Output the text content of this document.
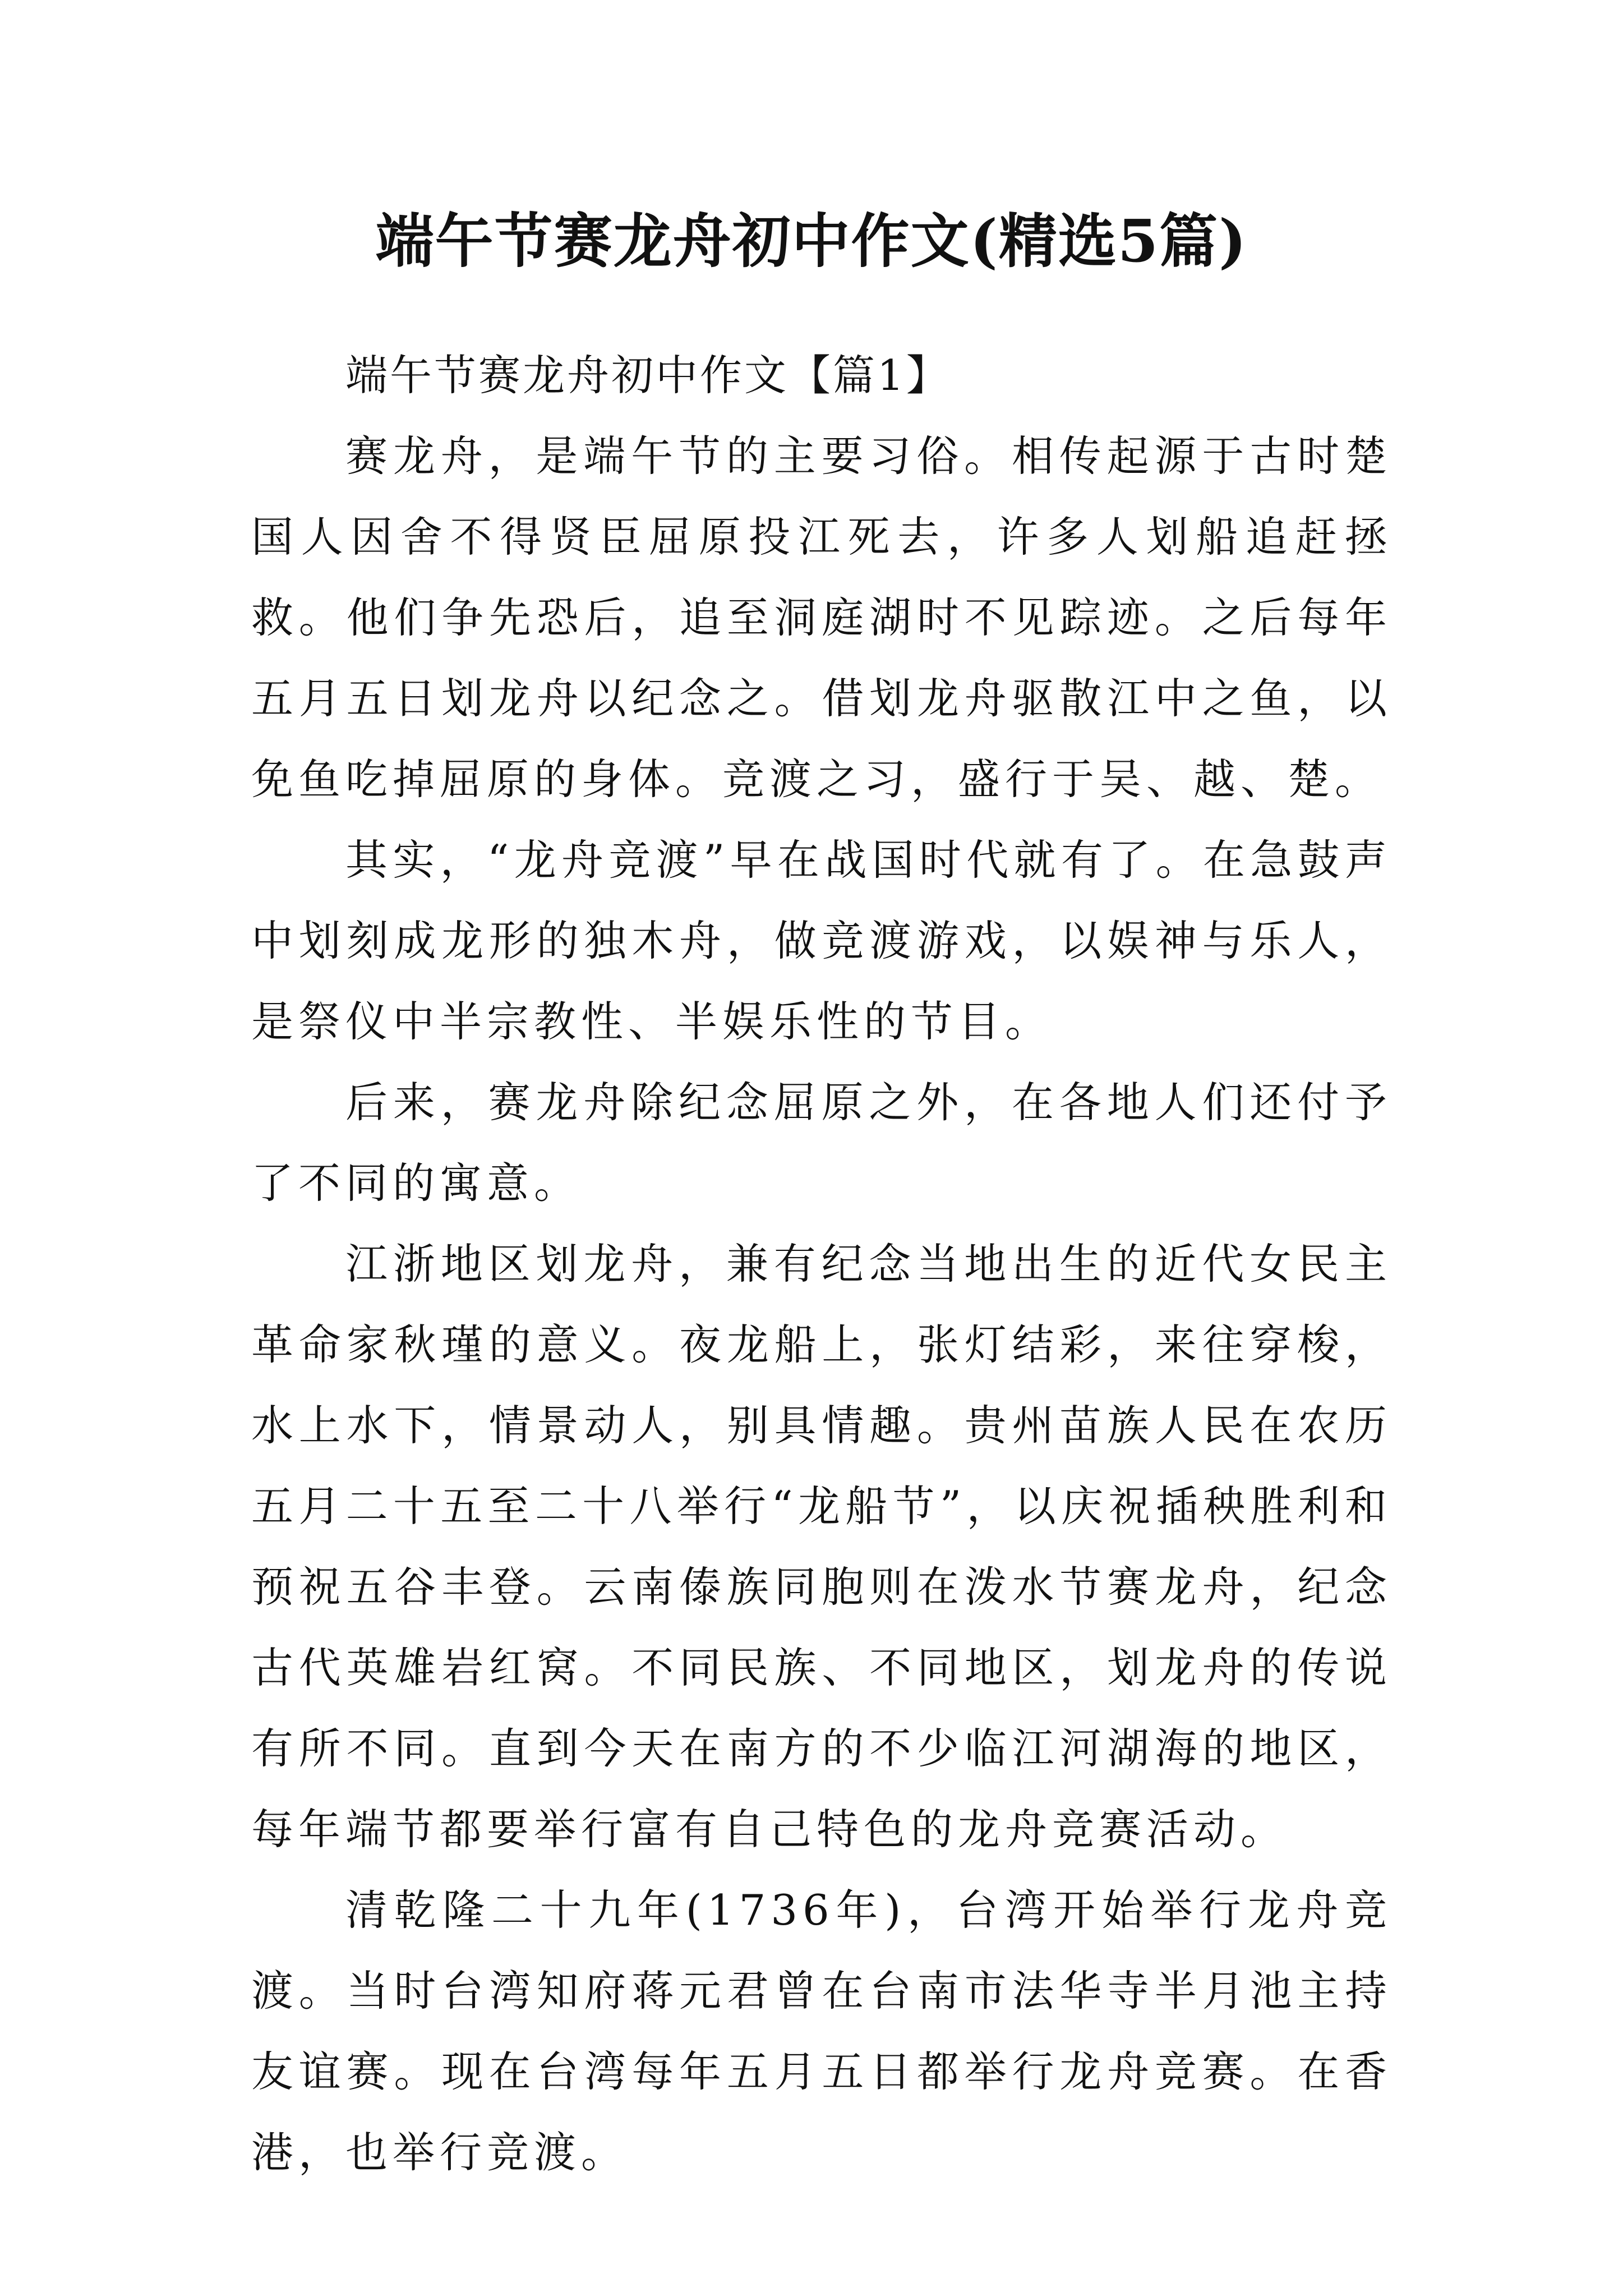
端午节赛龙舟初中作文(精选5篇)

端午节赛龙舟初中作文【篇1】

赛龙舟，是端午节的主要习俗。相传起源于古时楚国人因舍不得贤臣屈原投江死去，许多人划船追赶拯救。他们争先恐后，追至洞庭湖时不见踪迹。之后每年五月五日划龙舟以纪念之。借划龙舟驱散江中之鱼，以免鱼吃掉屈原的身体。竞渡之习，盛行于吴、越、楚。

其实，“龙舟竞渡”早在战国时代就有了。在急鼓声中划刻成龙形的独木舟，做竞渡游戏，以娱神与乐人，是祭仪中半宗教性、半娱乐性的节目。

后来，赛龙舟除纪念屈原之外，在各地人们还付予了不同的寓意。

江浙地区划龙舟，兼有纪念当地出生的近代女民主革命家秋瑾的意义。夜龙船上，张灯结彩，来往穿梭，水上水下，情景动人，别具情趣。贵州苗族人民在农历五月二十五至二十八举行“龙船节”，以庆祝插秧胜利和预祝五谷丰登。云南傣族同胞则在泼水节赛龙舟，纪念古代英雄岩红窝。不同民族、不同地区，划龙舟的传说有所不同。直到今天在南方的不少临江河湖海的地区，每年端节都要举行富有自己特色的龙舟竞赛活动。

清乾隆二十九年(1736年)，台湾开始举行龙舟竞渡。当时台湾知府蒋元君曾在台南市法华寺半月池主持友谊赛。现在台湾每年五月五日都举行龙舟竞赛。在香港，也举行竞渡。
